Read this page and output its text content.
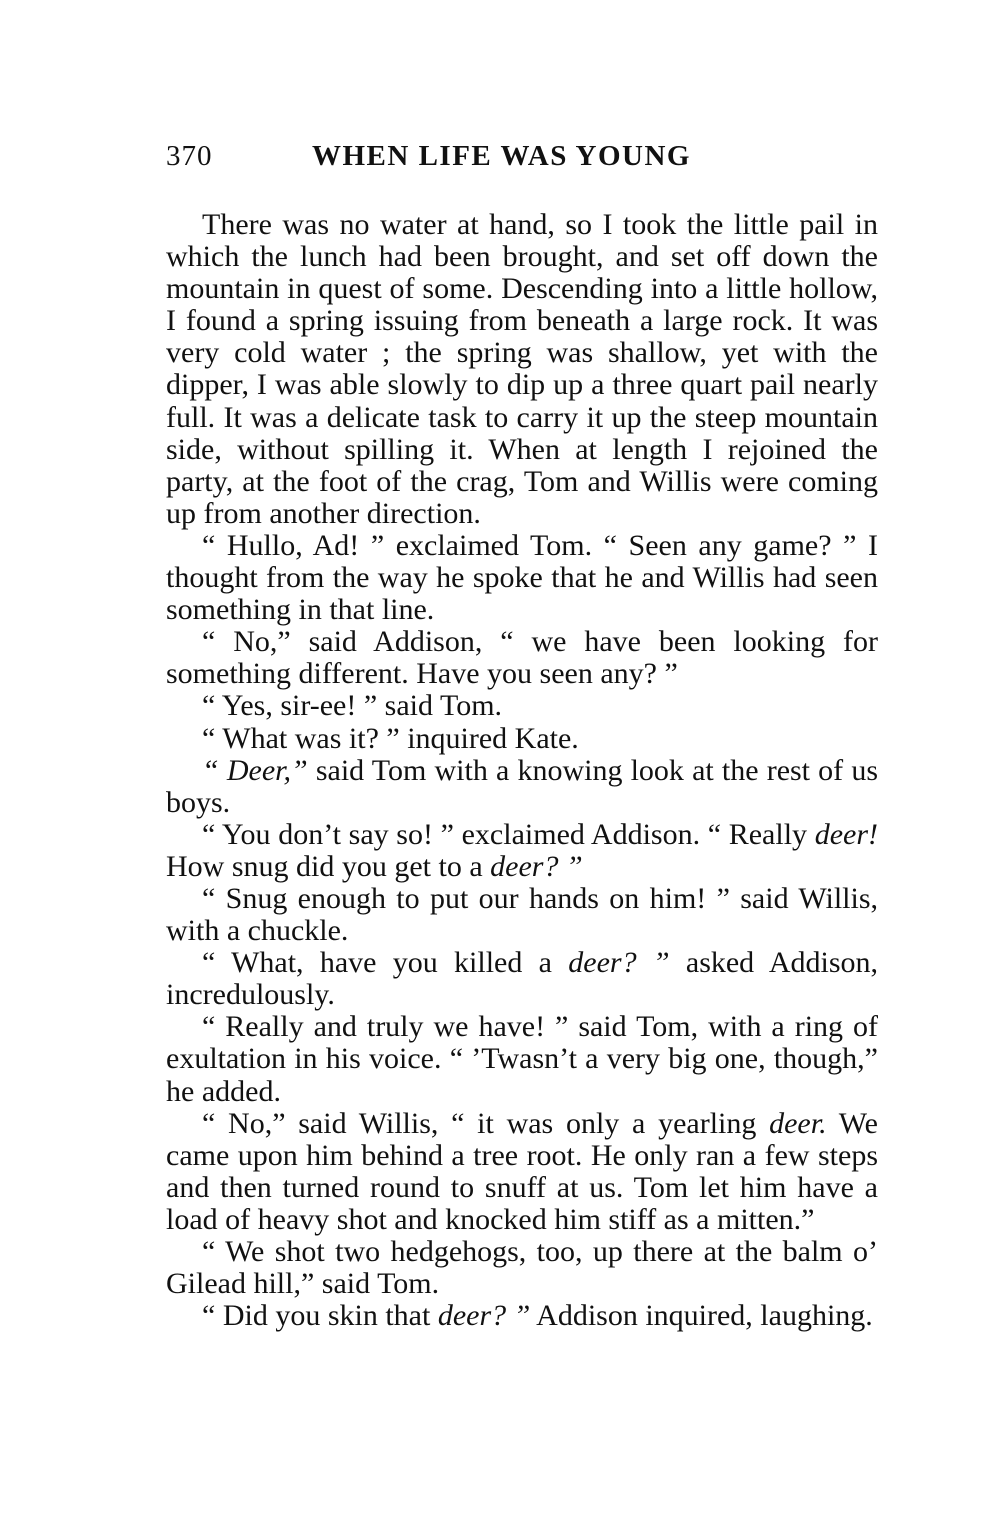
370	WHEN LIFE WAS YOUNG

There was no water at hand, so I took the little pail in which the lunch had been brought, and set off down the mountain in quest of some. Descending into a little hollow, I found a spring issuing from beneath a large rock. It was very cold water ; the spring was shallow, yet with the dipper, I was able slowly to dip up a three quart pail nearly full. It was a delicate task to carry it up the steep mountain side, without spilling it. When at length I rejoined the party, at the foot of the crag, Tom and Willis were coming up from another direction.

“ Hullo, Ad! ” exclaimed Tom. “ Seen any game? ” I thought from the way he spoke that he and Willis had seen something in that line.

“ No,” said Addison, “ we have been looking for something different. Have you seen any? ”

“ Yes, sir-ee! ” said Tom.

“ What was it? ” inquired Kate.

“ Deer,” said Tom with a knowing look at the rest of us boys.

“ You don’t say so! ” exclaimed Addison. “ Really deer! How snug did you get to a deer? ”

“ Snug enough to put our hands on him! ” said Willis, with a chuckle.

“ What, have you killed a deer? ” asked Addison, incredulously.

“ Really and truly we have! ” said Tom, with a ring of exultation in his voice. “ ’Twasn’t a very big one, though,” he added.

“ No,” said Willis, “ it was only a yearling deer. We came upon him behind a tree root. He only ran a few steps and then turned round to snuff at us. Tom let him have a load of heavy shot and knocked him stiff as a mitten.”

“ We shot two hedgehogs, too, up there at the balm o’ Gilead hill,” said Tom.

“ Did you skin that deer? ” Addison inquired, laughing.
